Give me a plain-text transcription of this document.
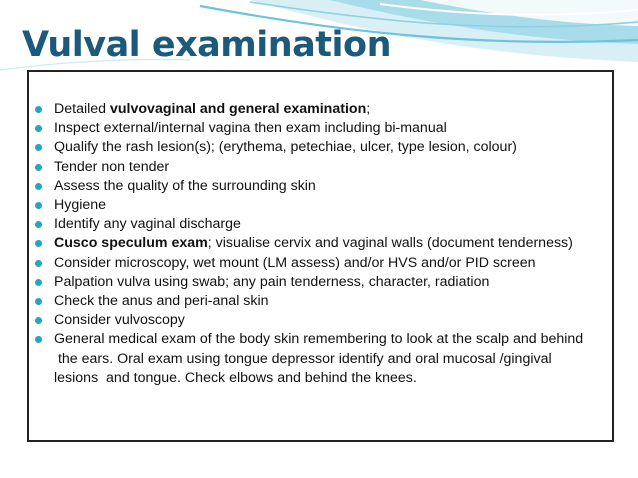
Vulval examination
Detailed vulvovaginal and general examination;
Inspect external/internal vagina then exam including bi-manual
Qualify the rash lesion(s); (erythema, petechiae, ulcer, type lesion, colour)
Tender non tender
Assess the quality of the surrounding skin
Hygiene
Identify any vaginal discharge
Cusco speculum exam; visualise cervix and vaginal walls (document tenderness)
Consider microscopy, wet mount (LM assess) and/or HVS and/or PID screen
Palpation vulva using swab; any pain tenderness, character, radiation
Check the anus and peri-anal skin
Consider vulvoscopy
General medical exam of the body skin remembering to look at the scalp and behind
the ears. Oral exam using tongue depressor identify and oral mucosal /gingival
lesions  and tongue. Check elbows and behind the knees.
